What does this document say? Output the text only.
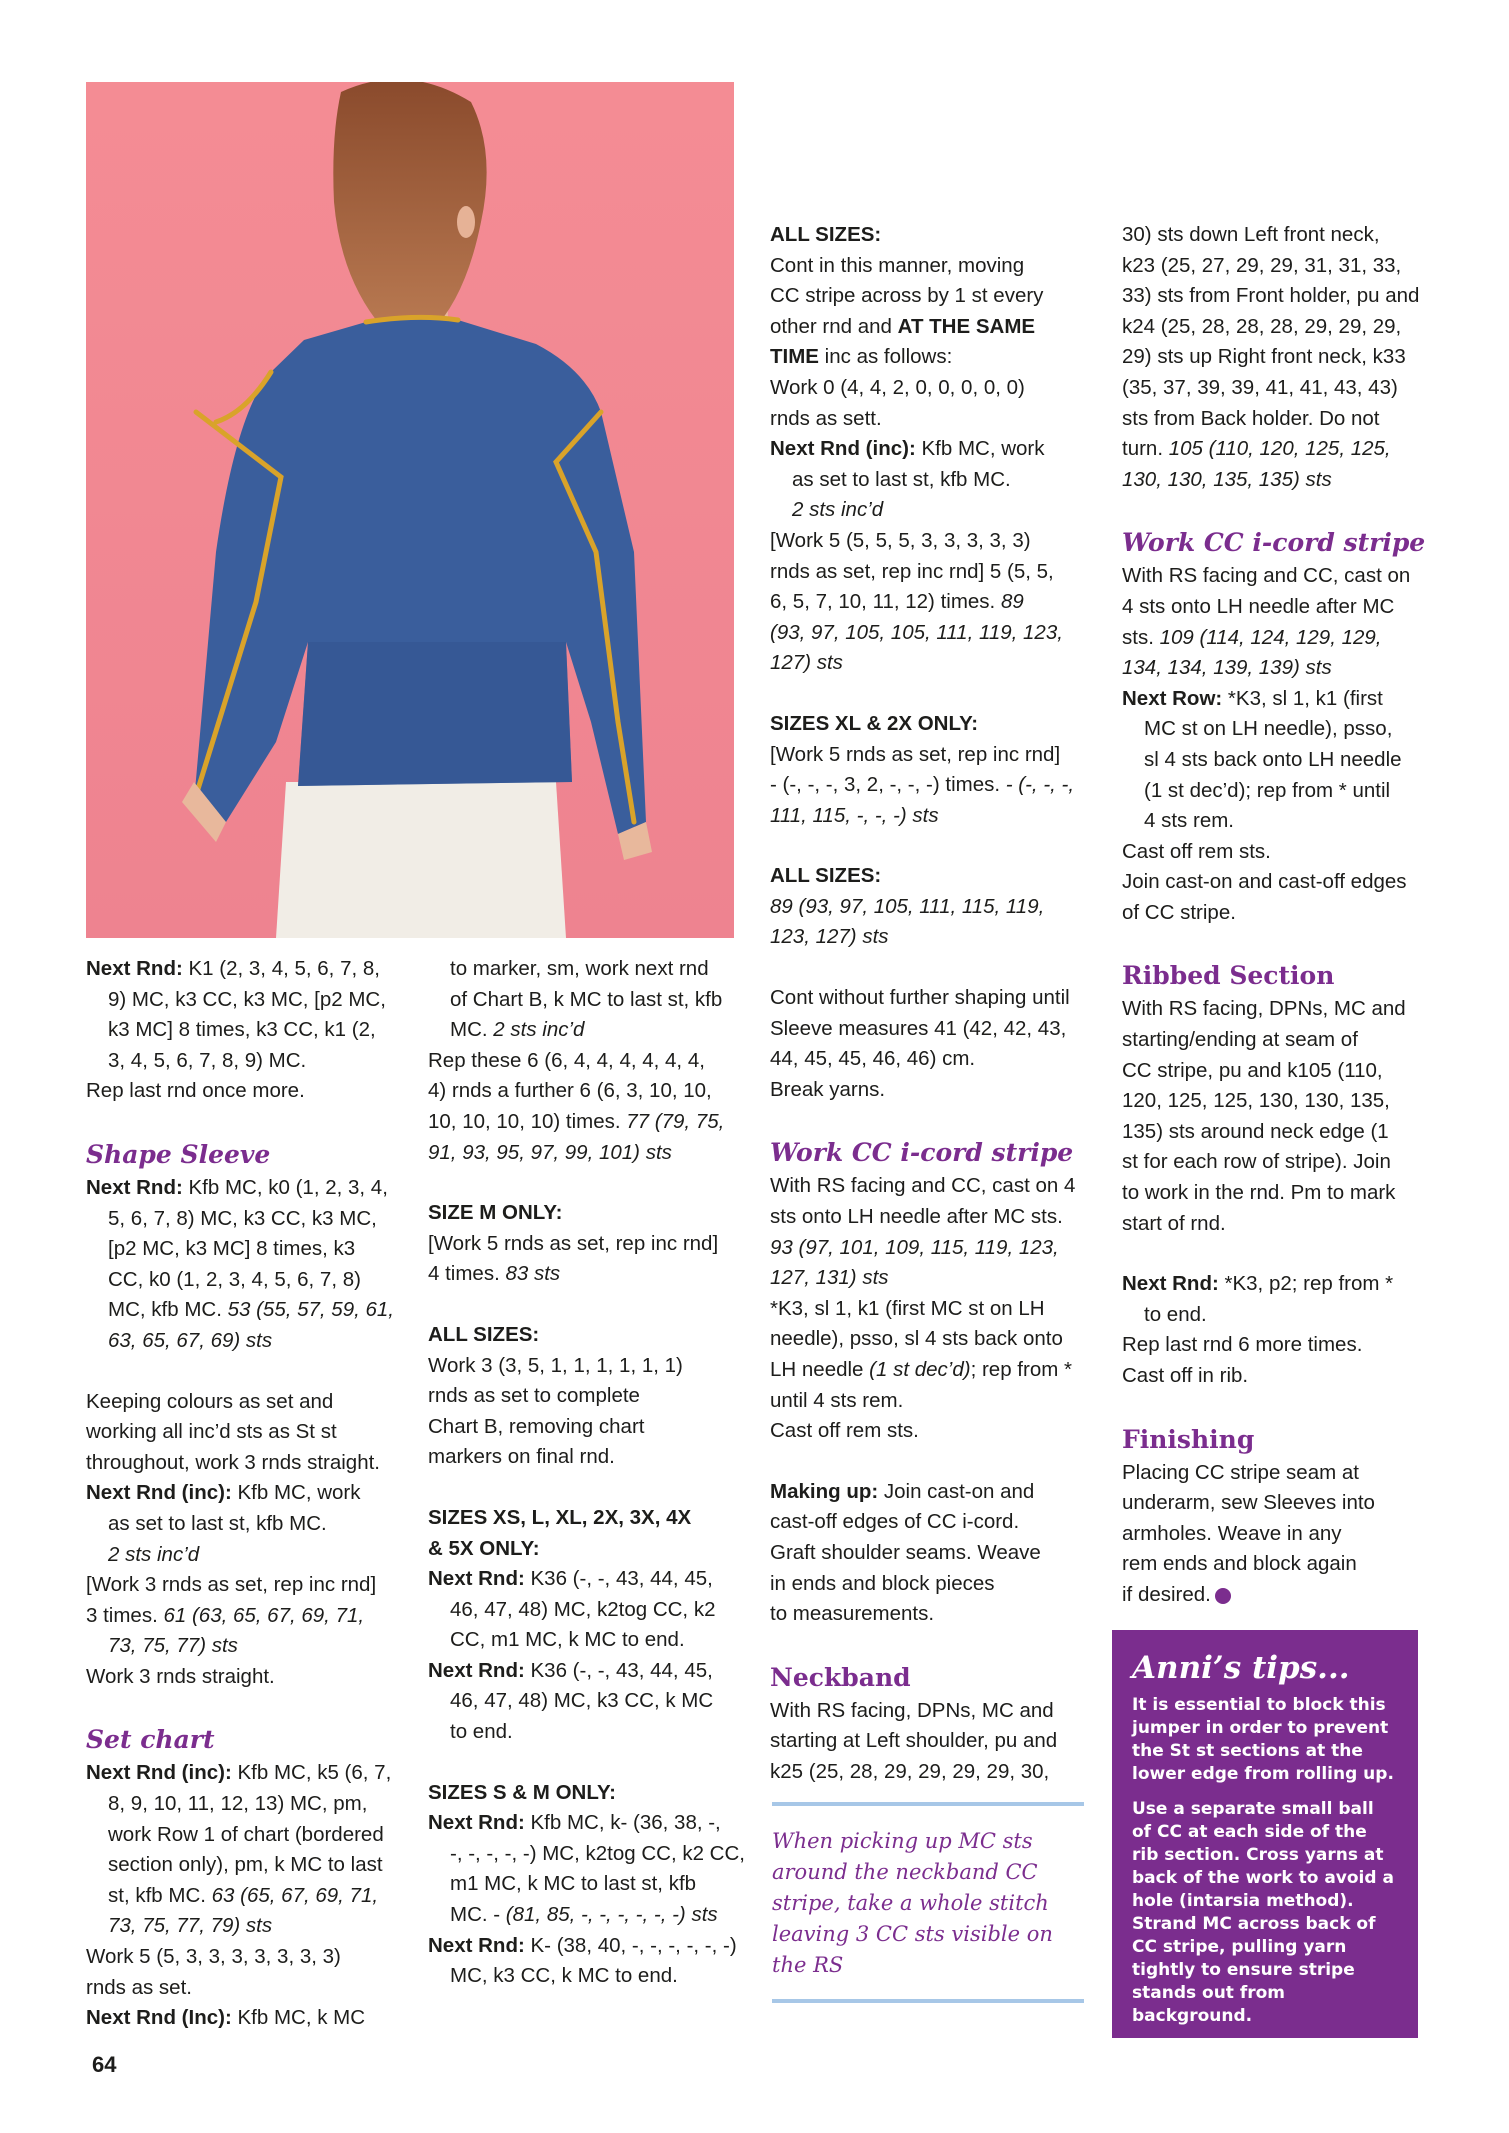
Next Rnd: K1 (2, 3, 4, 5, 6, 7, 8,

9) MC, k3 CC, k3 MC, [p2 MC,

k3 MC] 8 times, k3 CC, k1 (2,

3, 4, 5, 6, 7, 8, 9) MC.

Rep last rnd once more.

Shape Sleeve

Next Rnd: Kfb MC, k0 (1, 2, 3, 4,

5, 6, 7, 8) MC, k3 CC, k3 MC,

[p2 MC, k3 MC] 8 times, k3

CC, k0 (1, 2, 3, 4, 5, 6, 7, 8)

MC, kfb MC. 53 (55, 57, 59, 61,

63, 65, 67, 69) sts

Keeping colours as set and

working all inc’d sts as St st

throughout, work 3 rnds straight.

Next Rnd (inc): Kfb MC, work

as set to last st, kfb MC.

2 sts inc’d

[Work 3 rnds as set, rep inc rnd]

3 times. 61 (63, 65, 67, 69, 71,

73, 75, 77) sts

Work 3 rnds straight.

Set chart

Next Rnd (inc): Kfb MC, k5 (6, 7,

8, 9, 10, 11, 12, 13) MC, pm,

work Row 1 of chart (bordered

section only), pm, k MC to last

st, kfb MC. 63 (65, 67, 69, 71,

73, 75, 77, 79) sts

Work 5 (5, 3, 3, 3, 3, 3, 3, 3)

rnds as set.

Next Rnd (Inc): Kfb MC, k MC

to marker, sm, work next rnd

of Chart B, k MC to last st, kfb

MC. 2 sts inc’d

Rep these 6 (6, 4, 4, 4, 4, 4, 4,

4) rnds a further 6 (6, 3, 10, 10,

10, 10, 10, 10) times. 77 (79, 75,

91, 93, 95, 97, 99, 101) sts

SIZE M ONLY:

[Work 5 rnds as set, rep inc rnd]

4 times. 83 sts

ALL SIZES:

Work 3 (3, 5, 1, 1, 1, 1, 1, 1)

rnds as set to complete

Chart B, removing chart

markers on final rnd.

SIZES XS, L, XL, 2X, 3X, 4X

& 5X ONLY:

Next Rnd: K36 (-, -, 43, 44, 45,

46, 47, 48) MC, k2tog CC, k2

CC, m1 MC, k MC to end.

Next Rnd: K36 (-, -, 43, 44, 45,

46, 47, 48) MC, k3 CC, k MC

to end.

SIZES S & M ONLY:

Next Rnd: Kfb MC, k- (36, 38, -,

-, -, -, -, -) MC, k2tog CC, k2 CC,

m1 MC, k MC to last st, kfb

MC. - (81, 85, -, -, -, -, -, -) sts

Next Rnd: K- (38, 40, -, -, -, -, -, -)

MC, k3 CC, k MC to end.

ALL SIZES:

Cont in this manner, moving

CC stripe across by 1 st every

other rnd and AT THE SAME

TIME inc as follows:

Work 0 (4, 4, 2, 0, 0, 0, 0, 0)

rnds as sett.

Next Rnd (inc): Kfb MC, work

as set to last st, kfb MC.

2 sts inc’d

[Work 5 (5, 5, 5, 3, 3, 3, 3, 3)

rnds as set, rep inc rnd] 5 (5, 5,

6, 5, 7, 10, 11, 12) times. 89

(93, 97, 105, 105, 111, 119, 123,

127) sts

SIZES XL & 2X ONLY:

[Work 5 rnds as set, rep inc rnd]

- (-, -, -, 3, 2, -, -, -) times. - (-, -, -,

111, 115, -, -, -) sts

ALL SIZES:

89 (93, 97, 105, 111, 115, 119,

123, 127) sts

Cont without further shaping until

Sleeve measures 41 (42, 42, 43,

44, 45, 45, 46, 46) cm.

Break yarns.

Work CC i-cord stripe

With RS facing and CC, cast on 4

sts onto LH needle after MC sts.

93 (97, 101, 109, 115, 119, 123,

127, 131) sts

*K3, sl 1, k1 (first MC st on LH

needle), psso, sl 4 sts back onto

LH needle (1 st dec’d); rep from *

until 4 sts rem.

Cast off rem sts.

Making up: Join cast-on and

cast-off edges of CC i-cord.

Graft shoulder seams. Weave

in ends and block pieces

to measurements.

Neckband

With RS facing, DPNs, MC and

starting at Left shoulder, pu and

k25 (25, 28, 29, 29, 29, 29, 30,

30) sts down Left front neck,

k23 (25, 27, 29, 29, 31, 31, 33,

33) sts from Front holder, pu and

k24 (25, 28, 28, 28, 29, 29, 29,

29) sts up Right front neck, k33

(35, 37, 39, 39, 41, 41, 43, 43)

sts from Back holder. Do not

turn. 105 (110, 120, 125, 125,

130, 130, 135, 135) sts

Work CC i-cord stripe

With RS facing and CC, cast on

4 sts onto LH needle after MC

sts. 109 (114, 124, 129, 129,

134, 134, 139, 139) sts

Next Row: *K3, sl 1, k1 (first

MC st on LH needle), psso,

sl 4 sts back onto LH needle

(1 st dec’d); rep from * until

4 sts rem.

Cast off rem sts.

Join cast-on and cast-off edges

of CC stripe.

Ribbed Section

With RS facing, DPNs, MC and

starting/ending at seam of

CC stripe, pu and k105 (110,

120, 125, 125, 130, 130, 135,

135) sts around neck edge (1

st for each row of stripe). Join

to work in the rnd. Pm to mark

start of rnd.

Next Rnd: *K3, p2; rep from *

to end.

Rep last rnd 6 more times.

Cast off in rib.

Finishing

Placing CC stripe seam at

underarm, sew Sleeves into

armholes. Weave in any

rem ends and block again

if desired.

When picking up MC sts around the neckband CC stripe, take a whole stitch leaving 3 CC sts visible on the RS

Anni’s tips...

It is essential to block this jumper in order to prevent the St st sections at the lower edge from rolling up.

Use a separate small ball of CC at each side of the rib section. Cross yarns at back of the work to avoid a hole (intarsia method). Strand MC across back of CC stripe, pulling yarn tightly to ensure stripe stands out from background.

64
